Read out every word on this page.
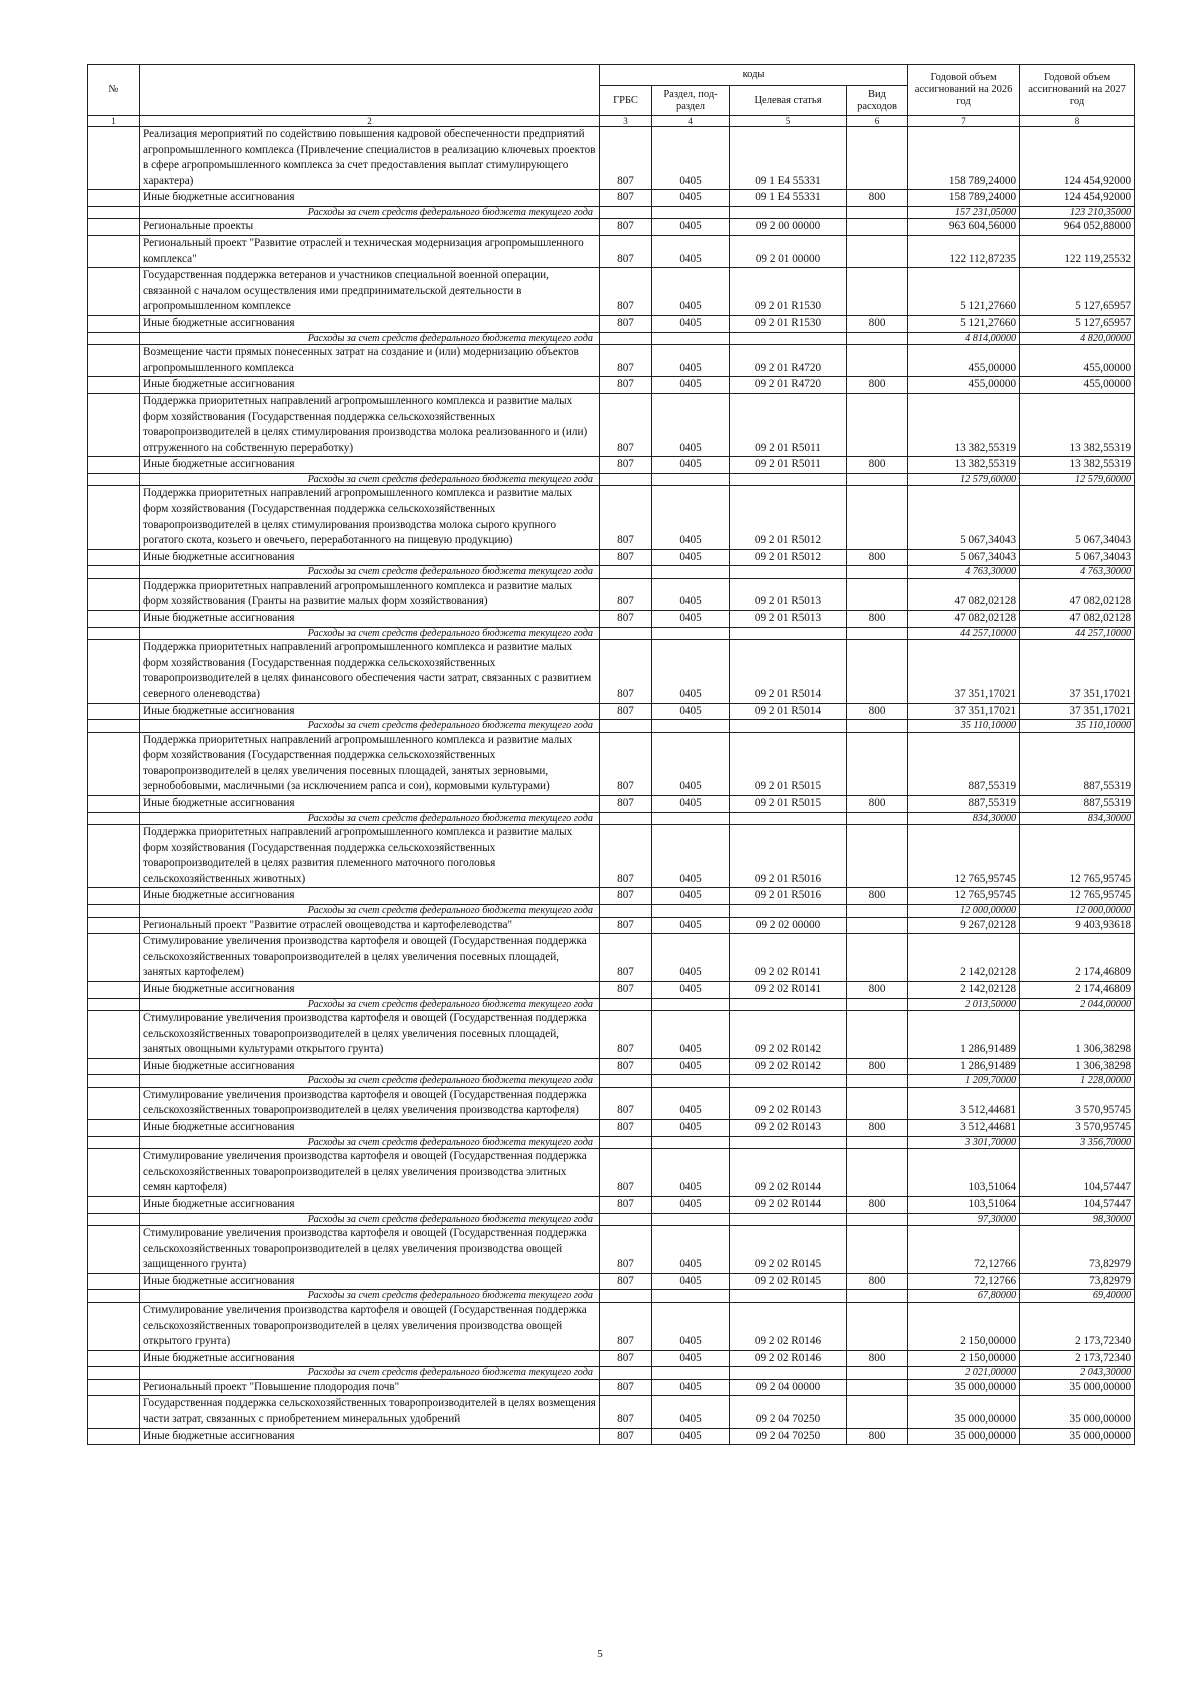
№		коды				Годовой объем ассигнований на 2026 год	Годовой объем ассигнований на 2027 год
		ГРБС	Раздел, под-раздел	Целевая статья	Вид расходов		
1	2	3	4	5	6	7	8
	Реализация мероприятий по содействию повышения кадровой обеспеченности предприятий агропромышленного комплекса (Привлечение специалистов в реализацию ключевых проектов в сфере агропромышленного комплекса за счет предоставления выплат стимулирующего характера)	807	0405	09 1 E4 55331		158 789,24000	124 454,92000
	Иные бюджетные ассигнования	807	0405	09 1 E4 55331	800	158 789,24000	124 454,92000
	Расходы за счет средств федерального бюджета текущего года					157 231,05000	123 210,35000
	Региональные проекты	807	0405	09 2 00 00000		963 604,56000	964 052,88000
	Региональный проект "Развитие отраслей и техническая модернизация агропромышленного комплекса"	807	0405	09 2 01 00000		122 112,87235	122 119,25532
	Государственная поддержка ветеранов и участников специальной военной операции, связанной с началом осуществления ими предпринимательской деятельности в агропромышленном комплексе	807	0405	09 2 01 R1530		5 121,27660	5 127,65957
	Иные бюджетные ассигнования	807	0405	09 2 01 R1530	800	5 121,27660	5 127,65957
	Расходы за счет средств федерального бюджета текущего года					4 814,00000	4 820,00000
	Возмещение части прямых понесенных затрат на создание и (или) модернизацию объектов агропромышленного комплекса	807	0405	09 2 01 R4720		455,00000	455,00000
	Иные бюджетные ассигнования	807	0405	09 2 01 R4720	800	455,00000	455,00000
	Поддержка приоритетных направлений агропромышленного комплекса и развитие малых форм хозяйствования (Государственная поддержка сельскохозяйственных товаропроизводителей в целях стимулирования производства молока реализованного и (или) отгруженного на собственную переработку)	807	0405	09 2 01 R5011		13 382,55319	13 382,55319
	Иные бюджетные ассигнования	807	0405	09 2 01 R5011	800	13 382,55319	13 382,55319
	Расходы за счет средств федерального бюджета текущего года					12 579,60000	12 579,60000
	Поддержка приоритетных направлений агропромышленного комплекса и развитие малых форм хозяйствования (Государственная поддержка сельскохозяйственных товаропроизводителей в целях стимулирования производства молока сырого крупного рогатого скота, козьего и овечьего, переработанного на пищевую продукцию)	807	0405	09 2 01 R5012		5 067,34043	5 067,34043
	Иные бюджетные ассигнования	807	0405	09 2 01 R5012	800	5 067,34043	5 067,34043
	Расходы за счет средств федерального бюджета текущего года					4 763,30000	4 763,30000
	Поддержка приоритетных направлений агропромышленного комплекса и развитие малых форм хозяйствования (Гранты на развитие малых форм хозяйствования)	807	0405	09 2 01 R5013		47 082,02128	47 082,02128
	Иные бюджетные ассигнования	807	0405	09 2 01 R5013	800	47 082,02128	47 082,02128
	Расходы за счет средств федерального бюджета текущего года					44 257,10000	44 257,10000
	Поддержка приоритетных направлений агропромышленного комплекса и развитие малых форм хозяйствования (Государственная поддержка сельскохозяйственных товаропроизводителей в целях финансового обеспечения части затрат, связанных с развитием северного оленеводства)	807	0405	09 2 01 R5014		37 351,17021	37 351,17021
	Иные бюджетные ассигнования	807	0405	09 2 01 R5014	800	37 351,17021	37 351,17021
	Расходы за счет средств федерального бюджета текущего года					35 110,10000	35 110,10000
	Поддержка приоритетных направлений агропромышленного комплекса и развитие малых форм хозяйствования (Государственная поддержка сельскохозяйственных товаропроизводителей в целях увеличения посевных площадей, занятых зерновыми, зернобобовыми, масличными (за исключением рапса и сои), кормовыми культурами)	807	0405	09 2 01 R5015		887,55319	887,55319
	Иные бюджетные ассигнования	807	0405	09 2 01 R5015	800	887,55319	887,55319
	Расходы за счет средств федерального бюджета текущего года					834,30000	834,30000
	Поддержка приоритетных направлений агропромышленного комплекса и развитие малых форм хозяйствования (Государственная поддержка сельскохозяйственных товаропроизводителей в целях развития племенного маточного поголовья сельскохозяйственных животных)	807	0405	09 2 01 R5016		12 765,95745	12 765,95745
	Иные бюджетные ассигнования	807	0405	09 2 01 R5016	800	12 765,95745	12 765,95745
	Расходы за счет средств федерального бюджета текущего года					12 000,00000	12 000,00000
	Региональный проект "Развитие отраслей овощеводства и картофелеводства"	807	0405	09 2 02 00000		9 267,02128	9 403,93618
	Стимулирование увеличения производства картофеля и овощей (Государственная поддержка сельскохозяйственных товаропроизводителей в целях увеличения посевных площадей, занятых картофелем)	807	0405	09 2 02 R0141		2 142,02128	2 174,46809
	Иные бюджетные ассигнования	807	0405	09 2 02 R0141	800	2 142,02128	2 174,46809
	Расходы за счет средств федерального бюджета текущего года					2 013,50000	2 044,00000
	Стимулирование увеличения производства картофеля и овощей (Государственная поддержка сельскохозяйственных товаропроизводителей в целях увеличения посевных площадей, занятых овощными культурами открытого грунта)	807	0405	09 2 02 R0142		1 286,91489	1 306,38298
	Иные бюджетные ассигнования	807	0405	09 2 02 R0142	800	1 286,91489	1 306,38298
	Расходы за счет средств федерального бюджета текущего года					1 209,70000	1 228,00000
	Стимулирование увеличения производства картофеля и овощей (Государственная поддержка сельскохозяйственных товаропроизводителей в целях увеличения производства картофеля)	807	0405	09 2 02 R0143		3 512,44681	3 570,95745
	Иные бюджетные ассигнования	807	0405	09 2 02 R0143	800	3 512,44681	3 570,95745
	Расходы за счет средств федерального бюджета текущего года					3 301,70000	3 356,70000
	Стимулирование увеличения производства картофеля и овощей (Государственная поддержка сельскохозяйственных товаропроизводителей в целях увеличения производства элитных семян картофеля)	807	0405	09 2 02 R0144		103,51064	104,57447
	Иные бюджетные ассигнования	807	0405	09 2 02 R0144	800	103,51064	104,57447
	Расходы за счет средств федерального бюджета текущего года					97,30000	98,30000
	Стимулирование увеличения производства картофеля и овощей (Государственная поддержка сельскохозяйственных товаропроизводителей в целях увеличения производства овощей защищенного грунта)	807	0405	09 2 02 R0145		72,12766	73,82979
	Иные бюджетные ассигнования	807	0405	09 2 02 R0145	800	72,12766	73,82979
	Расходы за счет средств федерального бюджета текущего года					67,80000	69,40000
	Стимулирование увеличения производства картофеля и овощей (Государственная поддержка сельскохозяйственных товаропроизводителей в целях увеличения производства овощей открытого грунта)	807	0405	09 2 02 R0146		2 150,00000	2 173,72340
	Иные бюджетные ассигнования	807	0405	09 2 02 R0146	800	2 150,00000	2 173,72340
	Расходы за счет средств федерального бюджета текущего года					2 021,00000	2 043,30000
	Региональный проект "Повышение плодородия почв"	807	0405	09 2 04 00000		35 000,00000	35 000,00000
	Государственная поддержка сельскохозяйственных товаропроизводителей в целях возмещения части затрат, связанных с приобретением минеральных удобрений	807	0405	09 2 04 70250		35 000,00000	35 000,00000
	Иные бюджетные ассигнования	807	0405	09 2 04 70250	800	35 000,00000	35 000,00000
5
